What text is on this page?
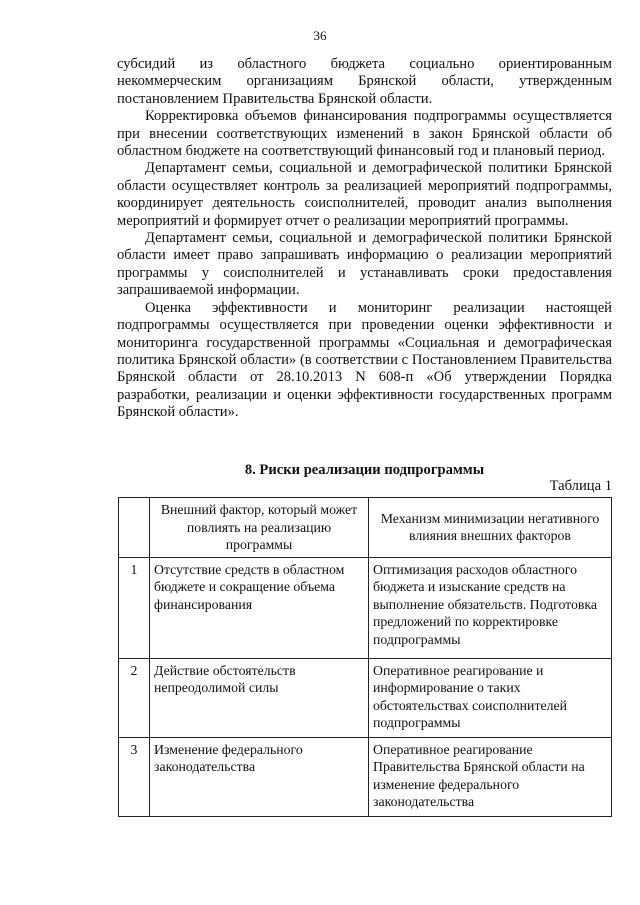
36

субсидий из областного бюджета социально ориентированным некоммерческим организациям Брянской области, утвержденным постановлением Правительства Брянской области.

Корректировка объемов финансирования подпрограммы осуществляется при внесении соответствующих изменений в закон Брянской области об областном бюджете на соответствующий финансовый год и плановый период.

Департамент семьи, социальной и демографической политики Брянской области осуществляет контроль за реализацией мероприятий подпрограммы, координирует деятельность соисполнителей, проводит анализ выполнения мероприятий и формирует отчет о реализации мероприятий программы.

Департамент семьи, социальной и демографической политики Брянской области имеет право запрашивать информацию о реализации мероприятий программы у соисполнителей и устанавливать сроки предоставления запрашиваемой информации.

Оценка эффективности и мониторинг реализации настоящей подпрограммы осуществляется при проведении оценки эффективности и мониторинга государственной программы «Социальная и демографическая политика Брянской области» (в соответствии с Постановлением Правительства Брянской области от 28.10.2013 N 608-п «Об утверждении Порядка разработки, реализации и оценки эффективности государственных программ Брянской области».

8. Риски реализации подпрограммы
Таблица 1
	Внешний фактор, который может повлиять на реализацию программы	Механизм минимизации негативного влияния внешних факторов
1	Отсутствие средств в областном бюджете и сокращение объема финансирования	Оптимизация расходов областного бюджета и изыскание средств на выполнение обязательств. Подготовка предложений по корректировке подпрограммы
2	Действие обстоятельств непреодолимой силы	Оперативное реагирование и информирование о таких обстоятельствах соисполнителей подпрограммы
3	Изменение федерального законодательства	Оперативное реагирование Правительства Брянской области на изменение федерального законодательства
